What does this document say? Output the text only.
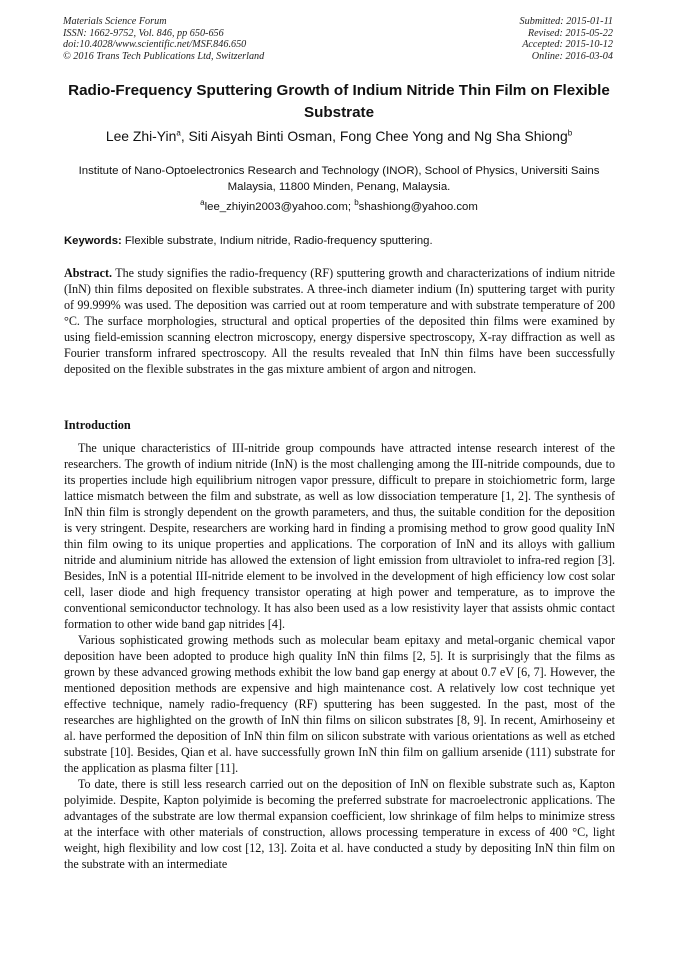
Materials Science Forum
ISSN: 1662-9752, Vol. 846, pp 650-656
doi:10.4028/www.scientific.net/MSF.846.650
© 2016 Trans Tech Publications Ltd, Switzerland
Submitted: 2015-01-11
Revised: 2015-05-22
Accepted: 2015-10-12
Online: 2016-03-04
Radio-Frequency Sputtering Growth of Indium Nitride Thin Film on Flexible Substrate
Lee Zhi-Yin$^a$, Siti Aisyah Binti Osman, Fong Chee Yong and Ng Sha Shiong$^b$
Institute of Nano-Optoelectronics Research and Technology (INOR), School of Physics, Universiti Sains Malaysia, 11800 Minden, Penang, Malaysia.
$^a$lee_zhiyin2003@yahoo.com; $^b$shashiong@yahoo.com
Keywords: Flexible substrate, Indium nitride, Radio-frequency sputtering.

Abstract. The study signifies the radio-frequency (RF) sputtering growth and characterizations of indium nitride (InN) thin films deposited on flexible substrates. A three-inch diameter indium (In) sputtering target with purity of 99.999% was used. The deposition was carried out at room temperature and with substrate temperature of 200 °C. The surface morphologies, structural and optical properties of the deposited thin films were examined by using field-emission scanning electron microscopy, energy dispersive spectroscopy, X-ray diffraction as well as Fourier transform infrared spectroscopy. All the results revealed that InN thin films have been successfully deposited on the flexible substrates in the gas mixture ambient of argon and nitrogen.

Introduction

The unique characteristics of III-nitride group compounds have attracted intense research interest of the researchers. The growth of indium nitride (InN) is the most challenging among the III-nitride compounds, due to its properties include high equilibrium nitrogen vapor pressure, difficult to prepare in stoichiometric form, large lattice mismatch between the film and substrate, as well as low dissociation temperature [1, 2]. The synthesis of InN thin film is strongly dependent on the growth parameters, and thus, the suitable condition for the deposition is very stringent. Despite, researchers are working hard in finding a promising method to grow good quality InN thin film owing to its unique properties and applications. The corporation of InN and its alloys with gallium nitride and aluminium nitride has allowed the extension of light emission from ultraviolet to infra-red region [3]. Besides, InN is a potential III-nitride element to be involved in the development of high efficiency low cost solar cell, laser diode and high frequency transistor operating at high power and temperature, as to improve the conventional semiconductor technology. It has also been used as a low resistivity layer that assists ohmic contact formation to other wide band gap nitrides [4].

Various sophisticated growing methods such as molecular beam epitaxy and metal-organic chemical vapor deposition have been adopted to produce high quality InN thin films [2, 5]. It is surprisingly that the films as grown by these advanced growing methods exhibit the low band gap energy at about 0.7 eV [6, 7]. However, the mentioned deposition methods are expensive and high maintenance cost. A relatively low cost technique yet effective technique, namely radio-frequency (RF) sputtering has been suggested. In the past, most of the researches are highlighted on the growth of InN thin films on silicon substrates [8, 9]. In recent, Amirhoseiny et al. have performed the deposition of InN thin film on silicon substrate with various orientations as well as etched substrate [10]. Besides, Qian et al. have successfully grown InN thin film on gallium arsenide (111) substrate for the application as plasma filter [11].

To date, there is still less research carried out on the deposition of InN on flexible substrate such as, Kapton polyimide. Despite, Kapton polyimide is becoming the preferred substrate for macroelectronic applications. The advantages of the substrate are low thermal expansion coefficient, low shrinkage of film helps to minimize stress at the interface with other materials of construction, allows processing temperature in excess of 400 °C, light weight, high flexibility and low cost [12, 13]. Zoita et al. have conducted a study by depositing InN thin film on the substrate with an intermediate
